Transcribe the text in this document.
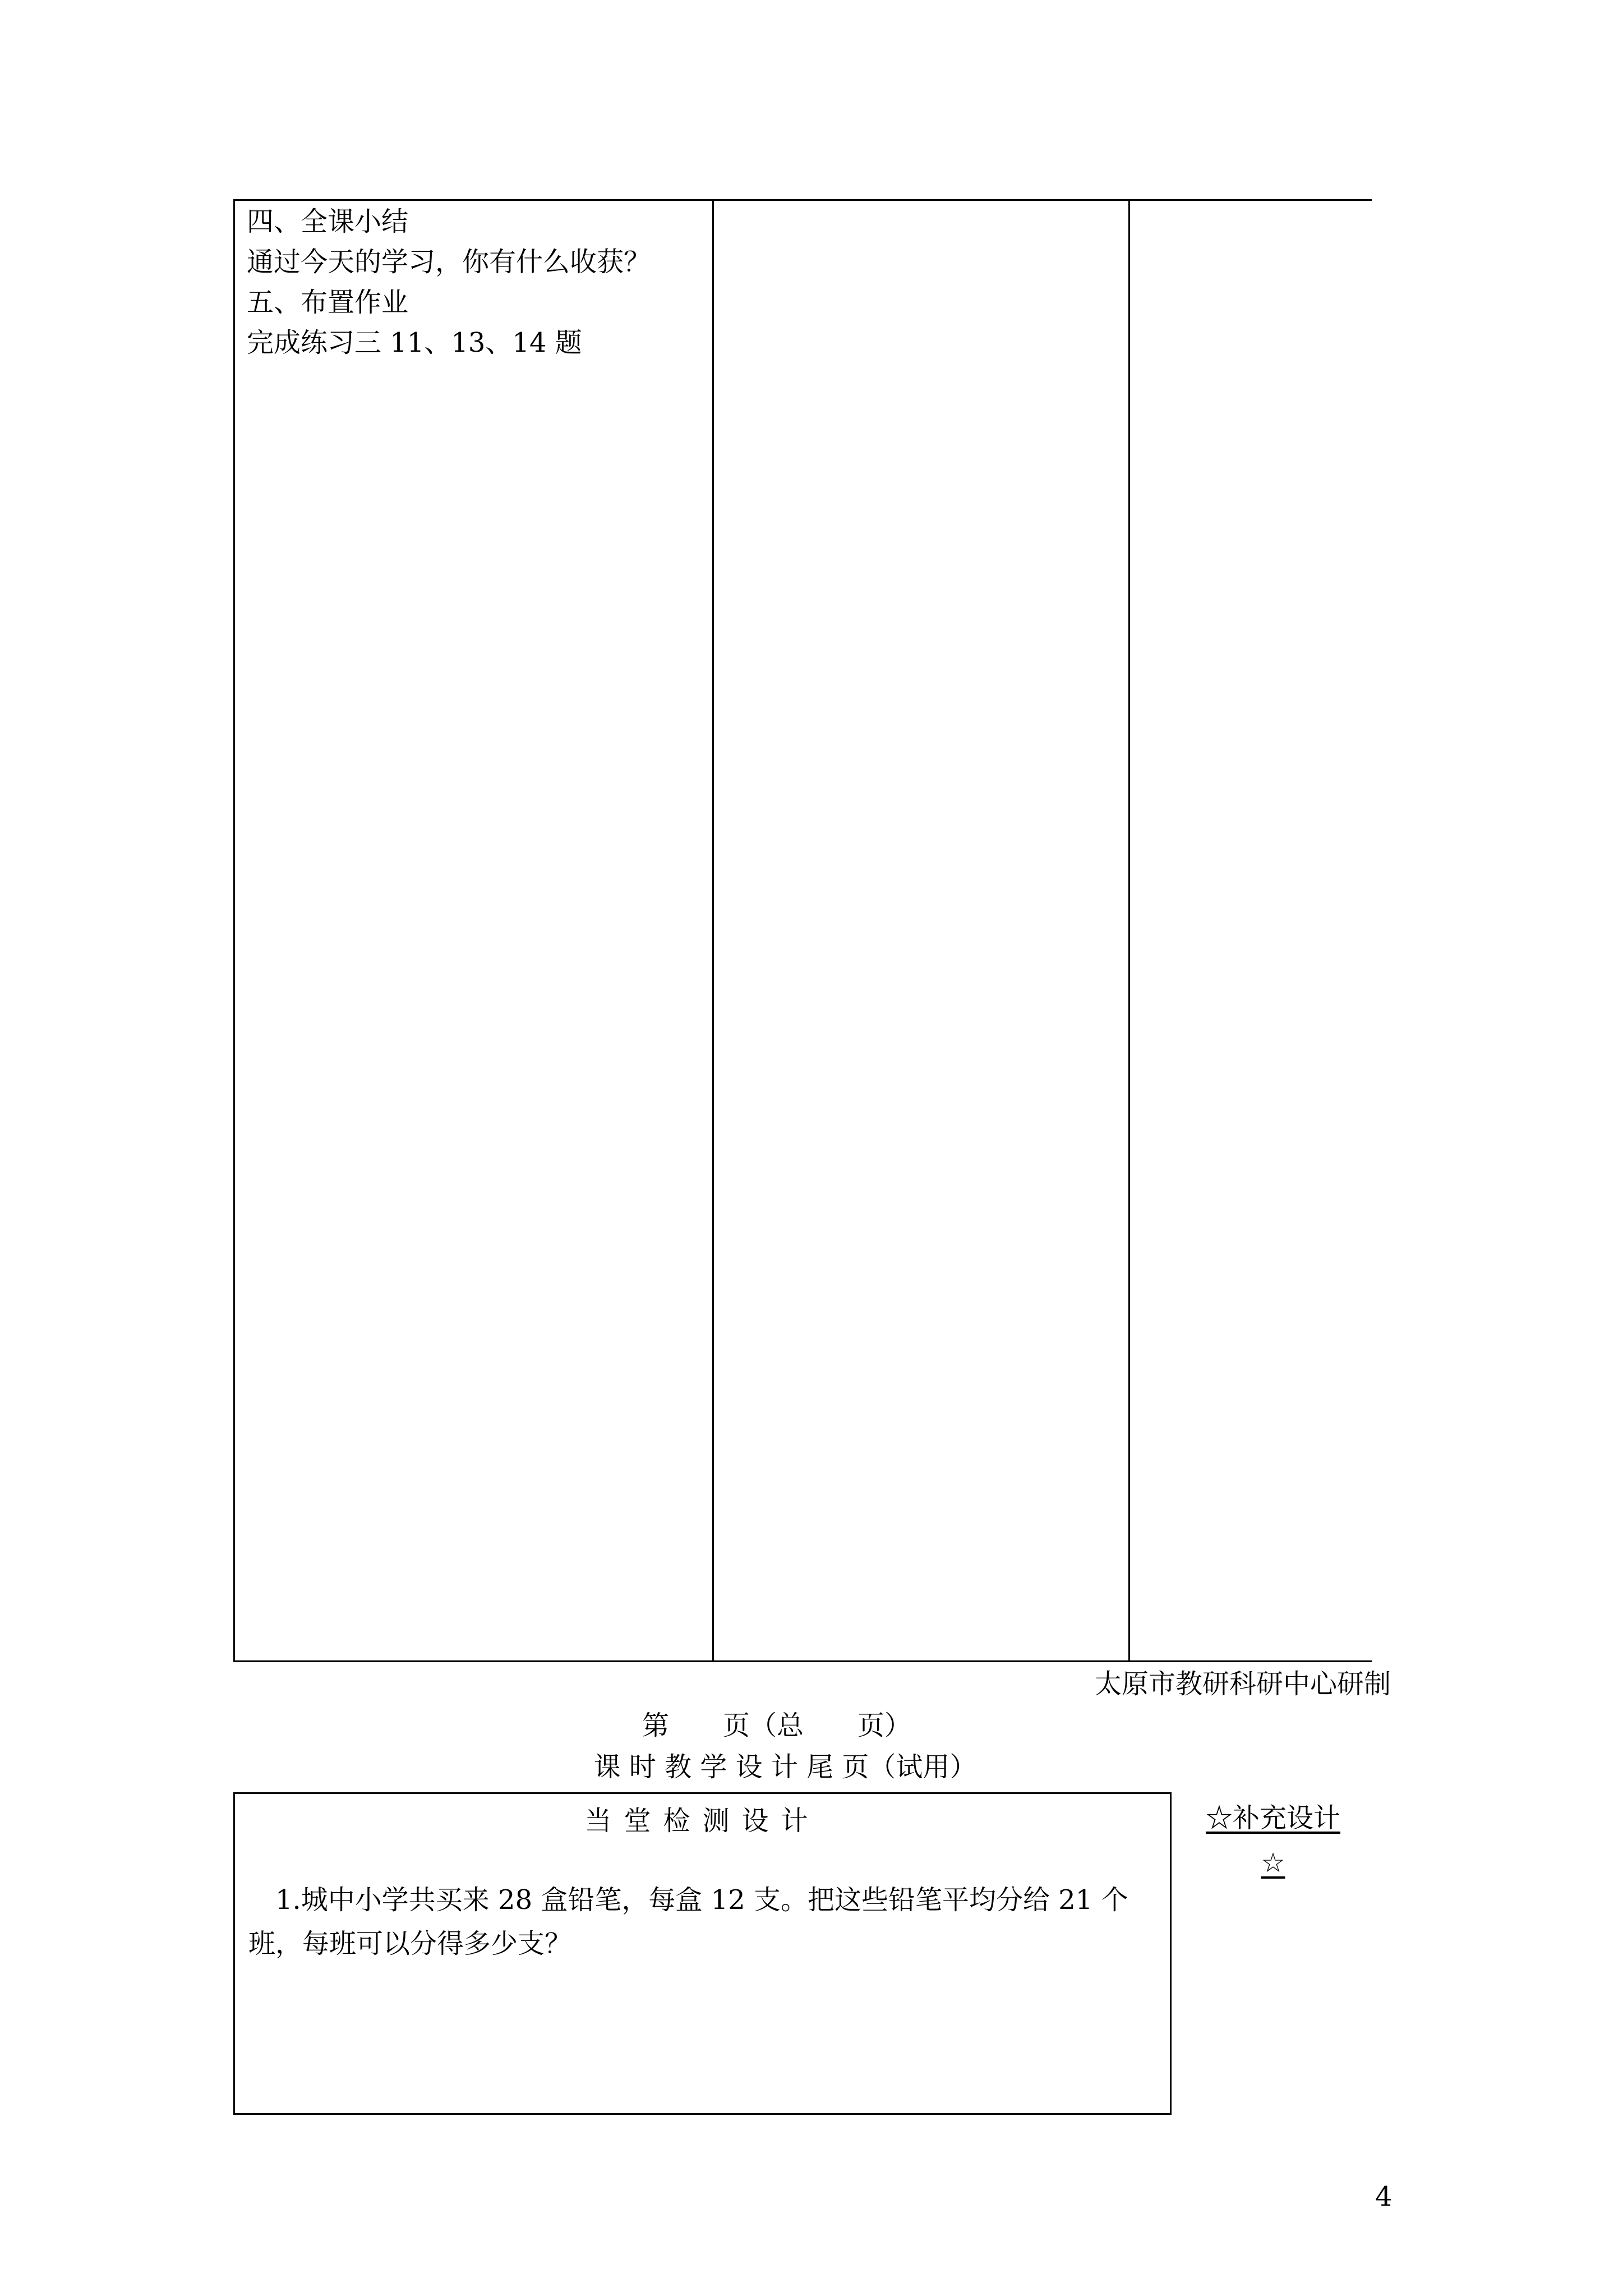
四、全课小结
通过今天的学习，你有什么收获？
五、布置作业
完成练习三 11、13、14 题
太原市教研科研中心研制
第　　页（总　　页）
课 时 教 学 设 计 尾 页（试用）
当堂检测设计
1.城中小学共买来 28 盒铅笔，每盒 12 支。把这些铅笔平均分给 21 个班，每班可以分得多少支？
☆补充设计
☆
4
